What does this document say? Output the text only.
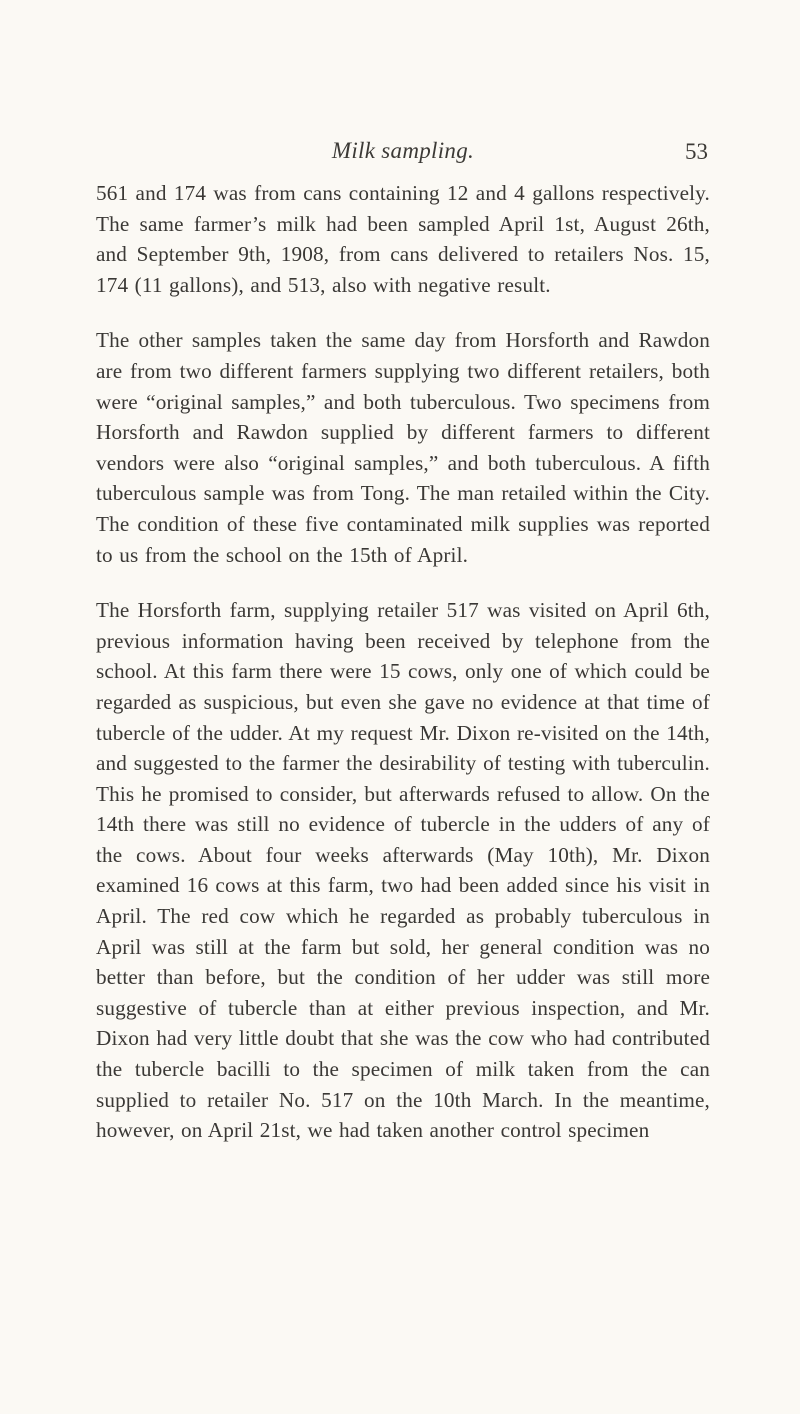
Milk sampling.	53

561 and 174 was from cans containing 12 and 4 gallons respectively. The same farmer’s milk had been sampled April 1st, August 26th, and September 9th, 1908, from cans delivered to retailers Nos. 15, 174 (11 gallons), and 513, also with negative result.

The other samples taken the same day from Horsforth and Rawdon are from two different farmers supplying two different retailers, both were “original samples,” and both tuberculous. Two specimens from Horsforth and Rawdon supplied by different farmers to different vendors were also “original samples,” and both tuberculous. A fifth tuberculous sample was from Tong. The man retailed within the City. The condition of these five contaminated milk supplies was reported to us from the school on the 15th of April.

The Horsforth farm, supplying retailer 517 was visited on April 6th, previous information having been received by telephone from the school. At this farm there were 15 cows, only one of which could be regarded as suspicious, but even she gave no evidence at that time of tubercle of the udder. At my request Mr. Dixon re-visited on the 14th, and suggested to the farmer the desirability of testing with tuberculin. This he promised to consider, but afterwards refused to allow. On the 14th there was still no evidence of tubercle in the udders of any of the cows. About four weeks afterwards (May 10th), Mr. Dixon examined 16 cows at this farm, two had been added since his visit in April. The red cow which he regarded as probably tuberculous in April was still at the farm but sold, her general condition was no better than before, but the condition of her udder was still more suggestive of tubercle than at either previous inspection, and Mr. Dixon had very little doubt that she was the cow who had contributed the tubercle bacilli to the specimen of milk taken from the can supplied to retailer No. 517 on the 10th March. In the meantime, however, on April 21st, we had taken another control specimen
